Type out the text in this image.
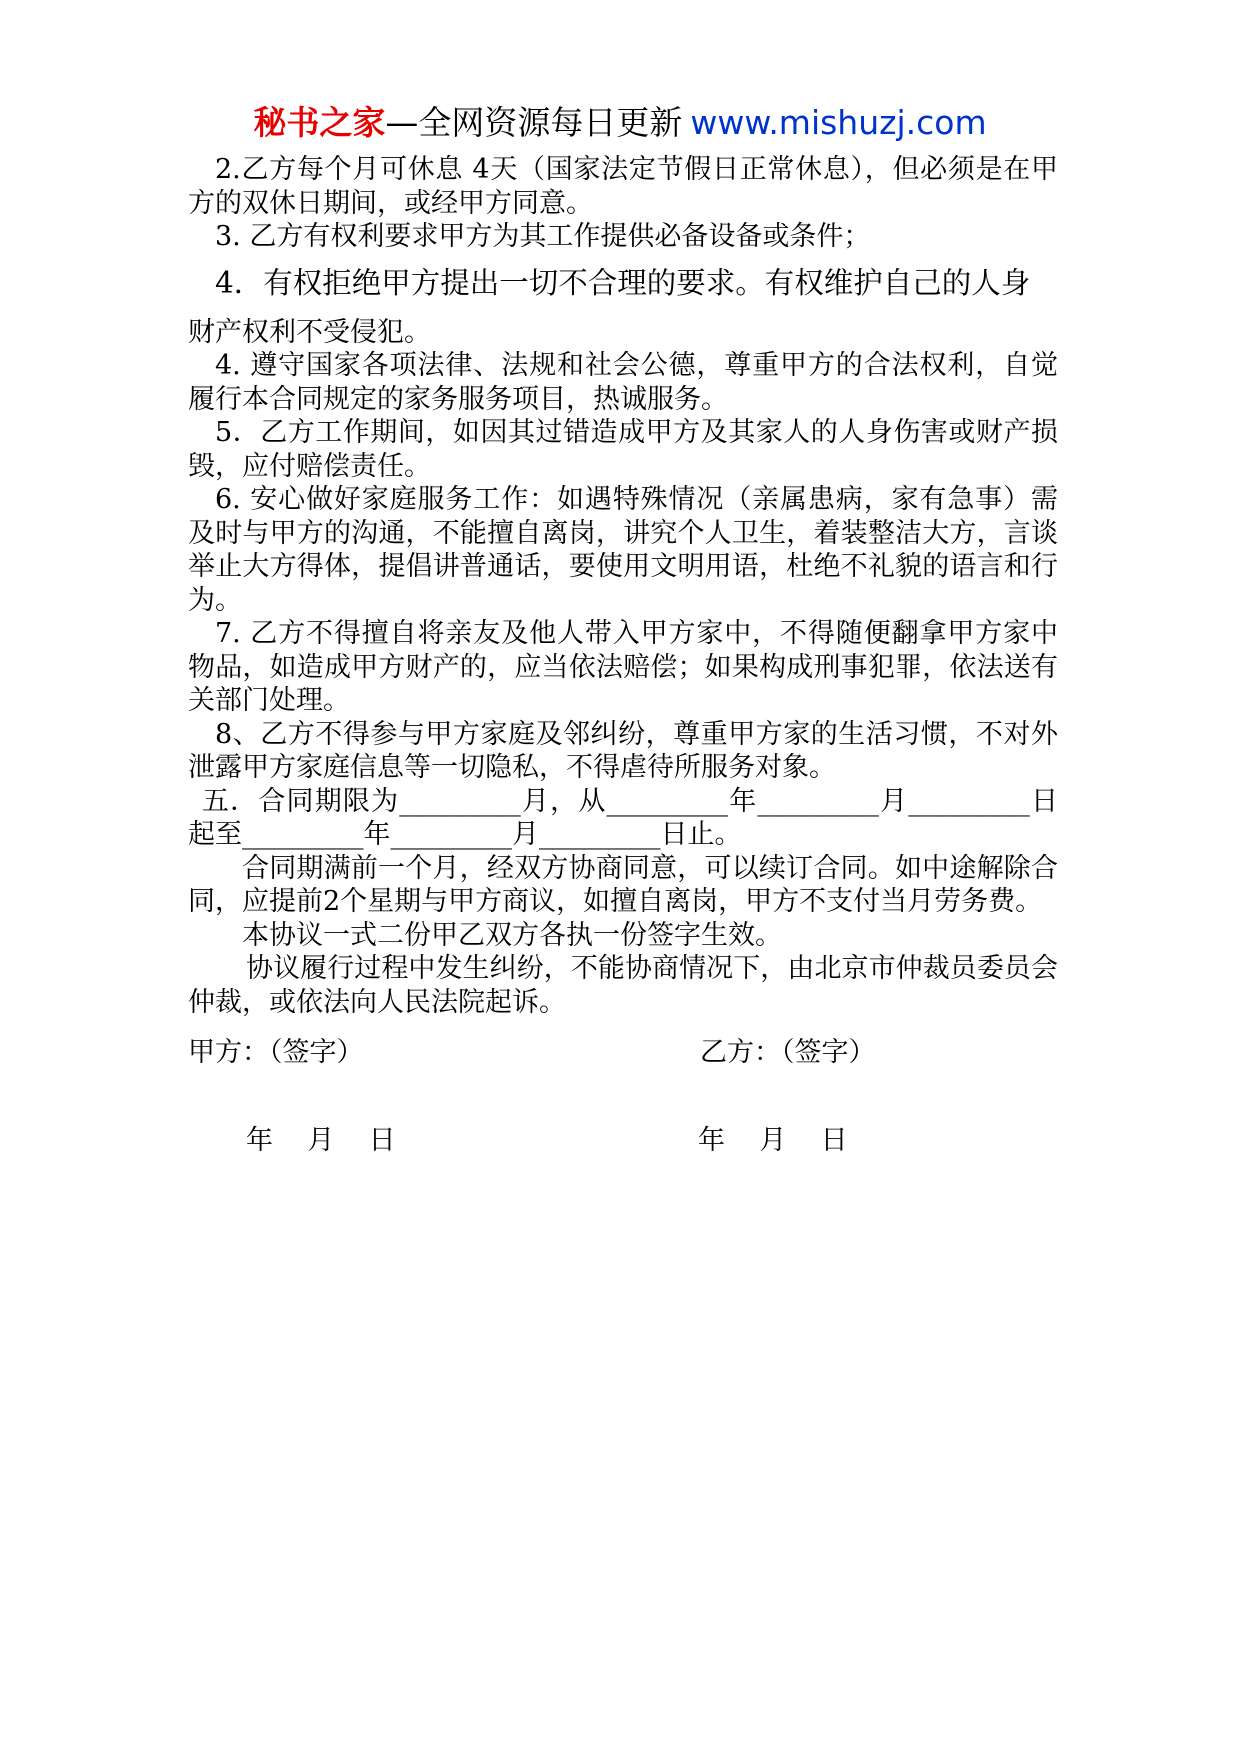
秘书之家—全网资源每日更新 www.mishuzj.com

2.乙方每个月可休息 4天（国家法定节假日正常休息），但必须是在甲方的双休日期间，或经甲方同意。

3. 乙方有权利要求甲方为其工作提供必备设备或条件；

4．有权拒绝甲方提出一切不合理的要求。有权维护自己的人身

财产权利不受侵犯。

4. 遵守国家各项法律、法规和社会公德，尊重甲方的合法权利，自觉履行本合同规定的家务服务项目，热诚服务。

5．乙方工作期间，如因其过错造成甲方及其家人的人身伤害或财产损毁，应付赔偿责任。

6. 安心做好家庭服务工作：如遇特殊情况（亲属患病，家有急事）需及时与甲方的沟通，不能擅自离岗，讲究个人卫生，着装整洁大方，言谈举止大方得体，提倡讲普通话，要使用文明用语，杜绝不礼貌的语言和行为。

7. 乙方不得擅自将亲友及他人带入甲方家中，不得随便翻拿甲方家中物品，如造成甲方财产的，应当依法赔偿；如果构成刑事犯罪，依法送有关部门处理。

8、乙方不得参与甲方家庭及邻纠纷，尊重甲方家的生活习惯，不对外泄露甲方家庭信息等一切隐私，不得虐待所服务对象。

五．合同期限为_________月，从_________年_________月_________日起至_________年_________月_________日止。

合同期满前一个月，经双方协商同意，可以续订合同。如中途解除合同，应提前2个星期与甲方商议，如擅自离岗，甲方不支付当月劳务费。

本协议一式二份甲乙双方各执一份签字生效。

协议履行过程中发生纠纷，不能协商情况下，由北京市仲裁员委员会仲裁，或依法向人民法院起诉。

甲方：（签字）	乙方：（签字）
年    月    日	年    月    日
